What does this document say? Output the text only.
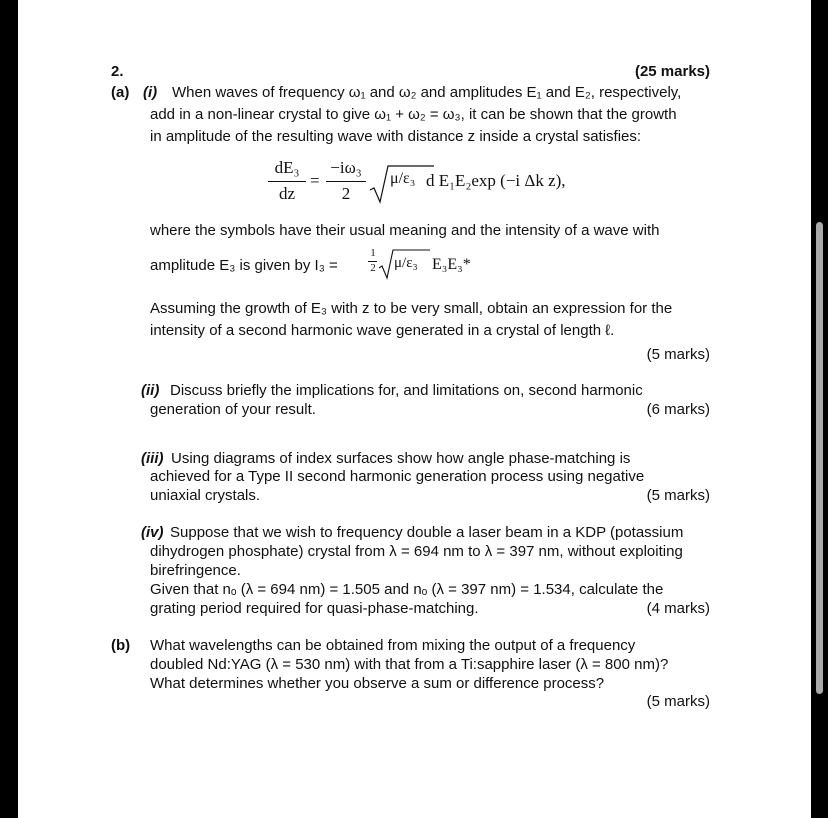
2.	(25 marks)
(a) (i) When waves of frequency ω₁ and ω₂ and amplitudes E₁ and E₂, respectively,
add in a non-linear crystal to give ω₁ + ω₂ = ω₃, it can be shown that the growth
in amplitude of the resulting wave with distance z inside a crystal satisfies:
dE₃
dz
=
−iω₃
2
μ/ε₃ d E₁E₂exp (−i Δk z),
where the symbols have their usual meaning and the intensity of a wave with
amplitude E₃ is given by I₃ =
1
2 μ/ε₃ E₃E₃*
Assuming the growth of E₃ with z to be very small, obtain an expression for the
intensity of a second harmonic wave generated in a crystal of length ℓ.
(5 marks)
(ii) Discuss briefly the implications for, and limitations on, second harmonic
generation of your result.	(6 marks)
(iii) Using diagrams of index surfaces show how angle phase-matching is
achieved for a Type II second harmonic generation process using negative
uniaxial crystals.	(5 marks)
(iv) Suppose that we wish to frequency double a laser beam in a KDP (potassium
dihydrogen phosphate) crystal from λ = 694 nm to λ = 397 nm, without exploiting
birefringence.
Given that nₒ (λ = 694 nm) = 1.505 and nₒ (λ = 397 nm) = 1.534, calculate the
grating period required for quasi-phase-matching.	(4 marks)
(b) What wavelengths can be obtained from mixing the output of a frequency
doubled Nd:YAG (λ = 530 nm) with that from a Ti:sapphire laser (λ = 800 nm)?
What determines whether you observe a sum or difference process?
(5 marks)
